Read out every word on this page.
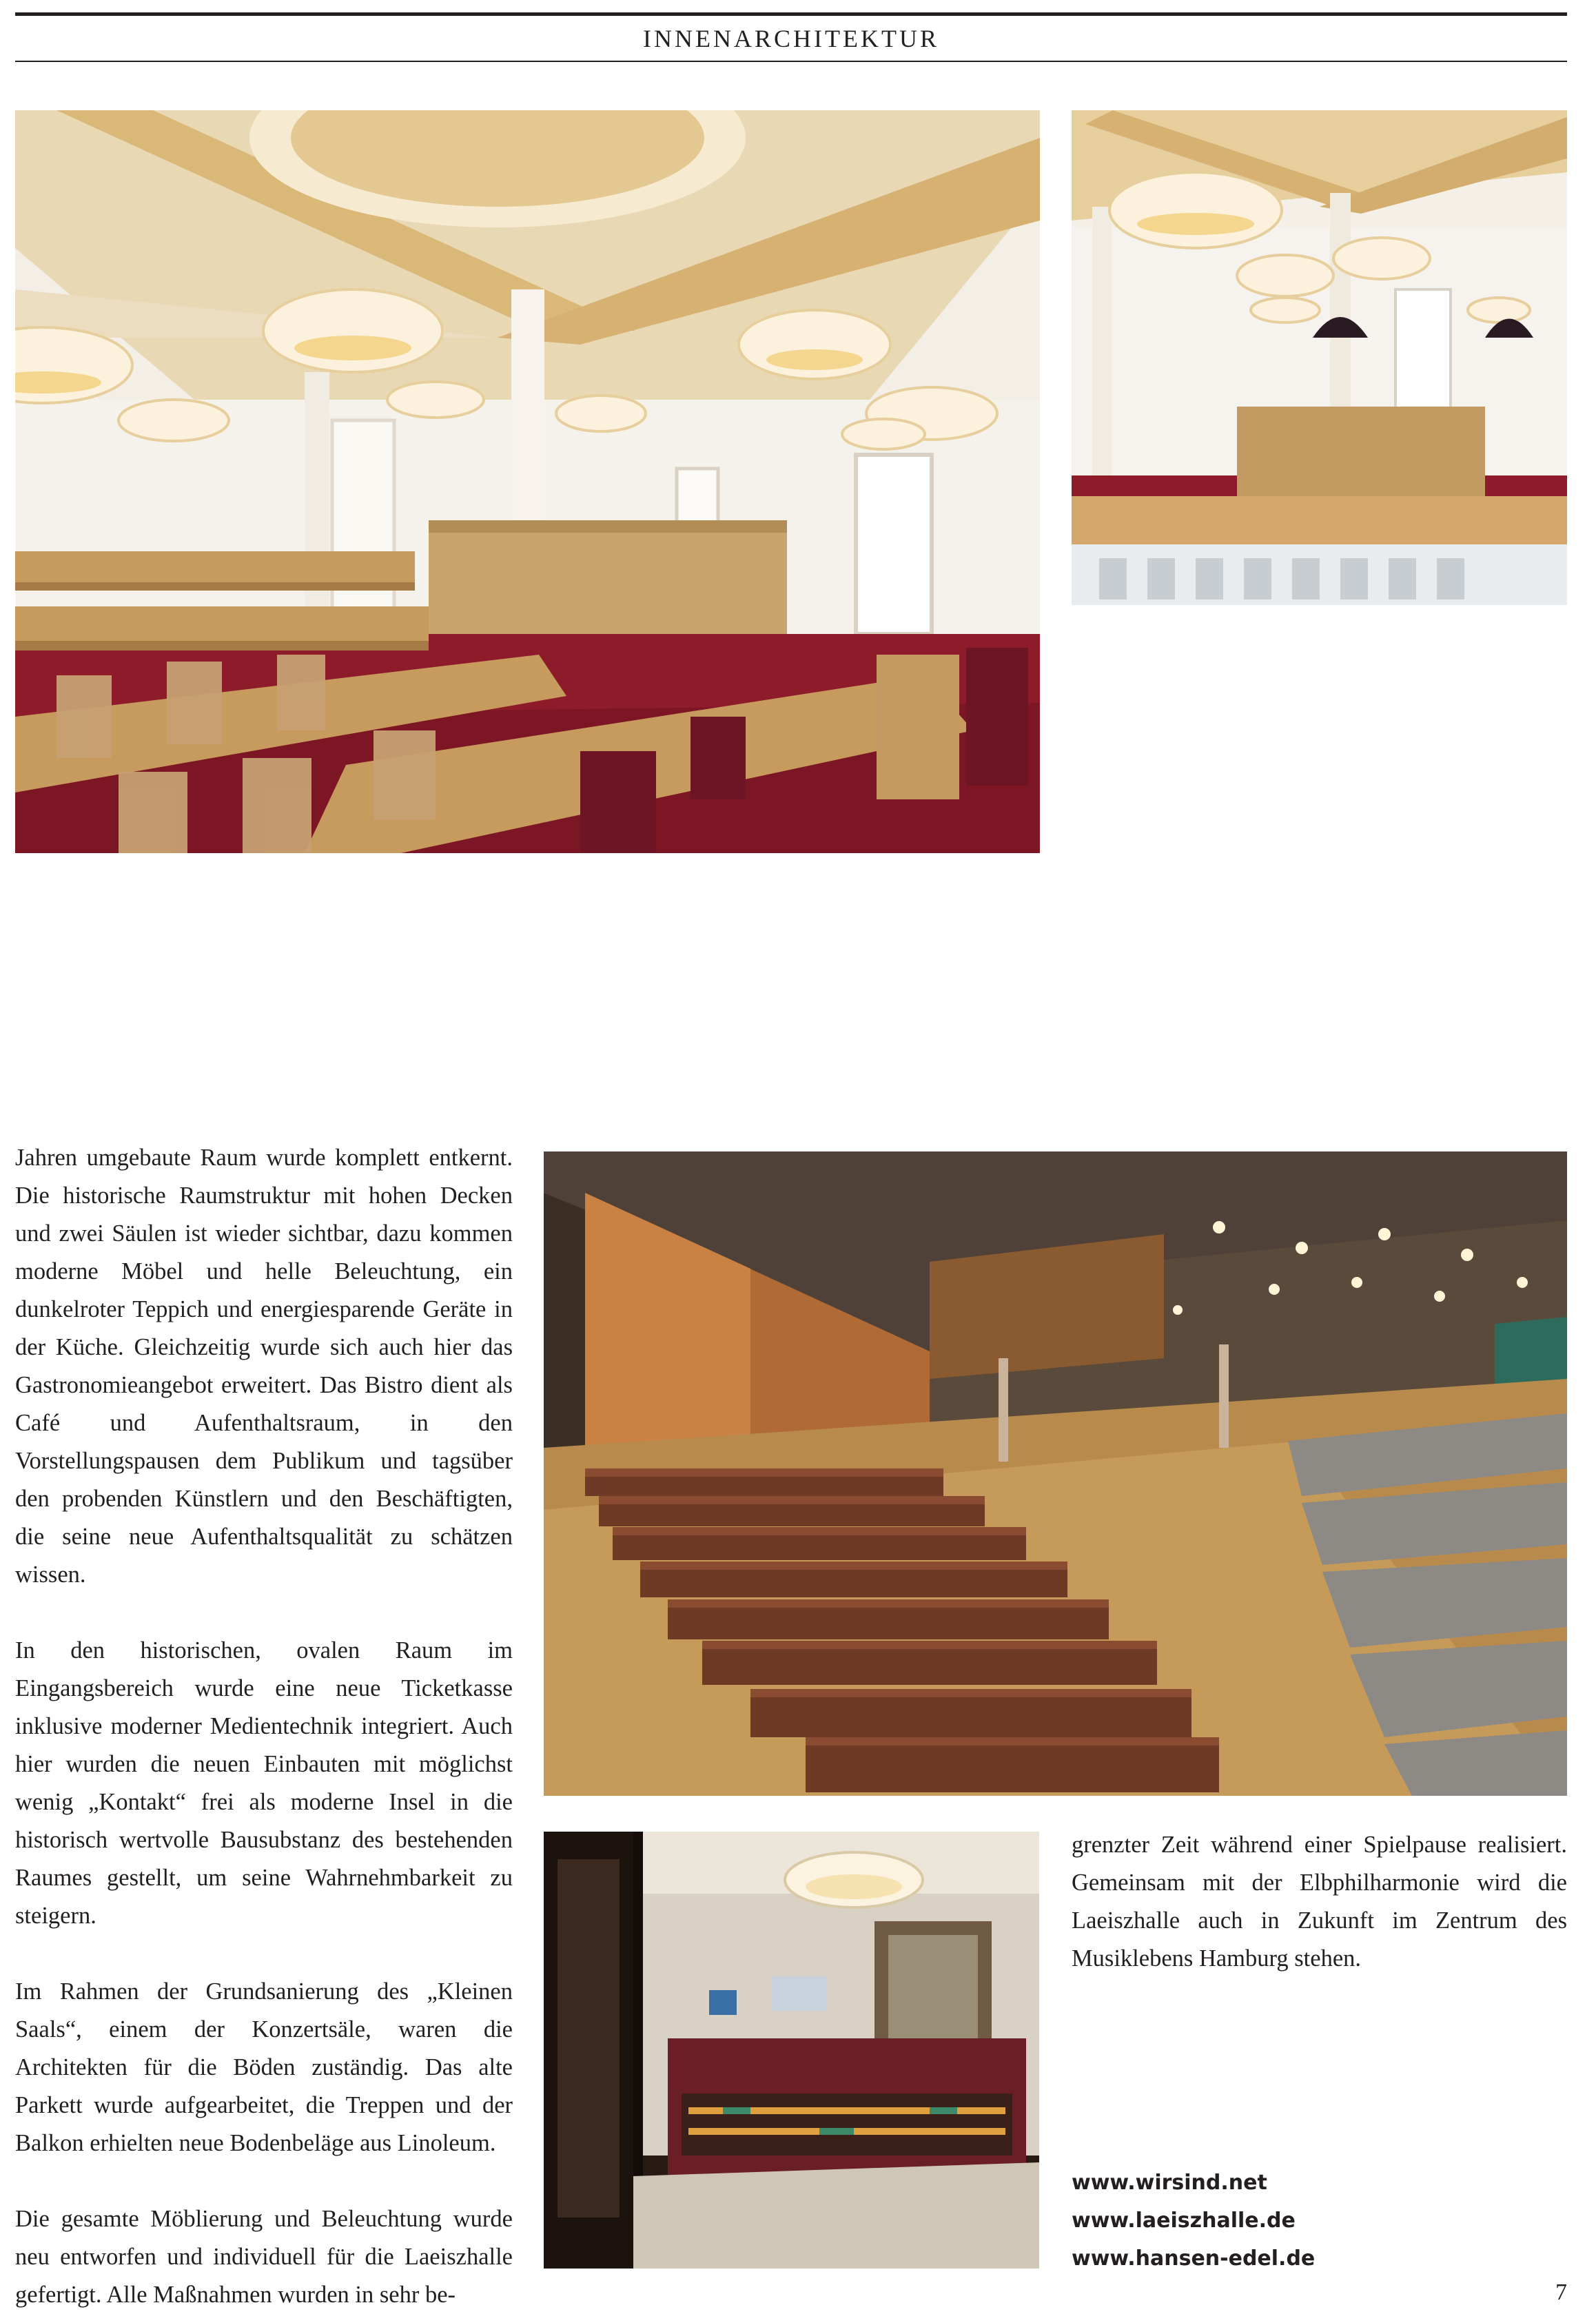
INNENARCHITEKTUR

Jahren umgebaute Raum wurde komplett entkernt. Die historische Raumstruktur mit hohen Decken und zwei Säulen ist wieder sichtbar, dazu kommen moderne Möbel und helle Beleuchtung, ein dunkelroter Teppich und energiesparende Geräte in der Küche. Gleichzeitig wurde sich auch hier das Gastronomieangebot erweitert. Das Bistro dient als Café und Aufenthaltsraum, in den Vorstellungspausen dem Publikum und tagsüber den probenden Künstlern und den Beschäftigten, die seine neue Aufenthaltsqualität zu schätzen wissen.

In den historischen, ovalen Raum im Eingangsbereich wurde eine neue Ticketkasse inklusive moderner Medientechnik integriert. Auch hier wurden die neuen Einbauten mit möglichst wenig „Kontakt“ frei als moderne Insel in die historisch wertvolle Bausubstanz des bestehenden Raumes gestellt, um seine Wahrnehmbarkeit zu steigern.

Im Rahmen der Grundsanierung des „Kleinen Saals“, einem der Konzertsäle, waren die Architekten für die Böden zuständig. Das alte Parkett wurde aufgearbeitet, die Treppen und der Balkon erhielten neue Bodenbeläge aus Linoleum.

Die gesamte Möblierung und Beleuchtung wurde neu entworfen und individuell für die Laeiszhalle gefertigt. Alle Maßnahmen wurden in sehr be-

grenzter Zeit während einer Spielpause realisiert. Gemeinsam mit der Elbphilharmonie wird die Laeiszhalle auch in Zukunft im Zentrum des Musiklebens Hamburg stehen.

www.wirsind.net
www.laeiszhalle.de
www.hansen-edel.de
7
